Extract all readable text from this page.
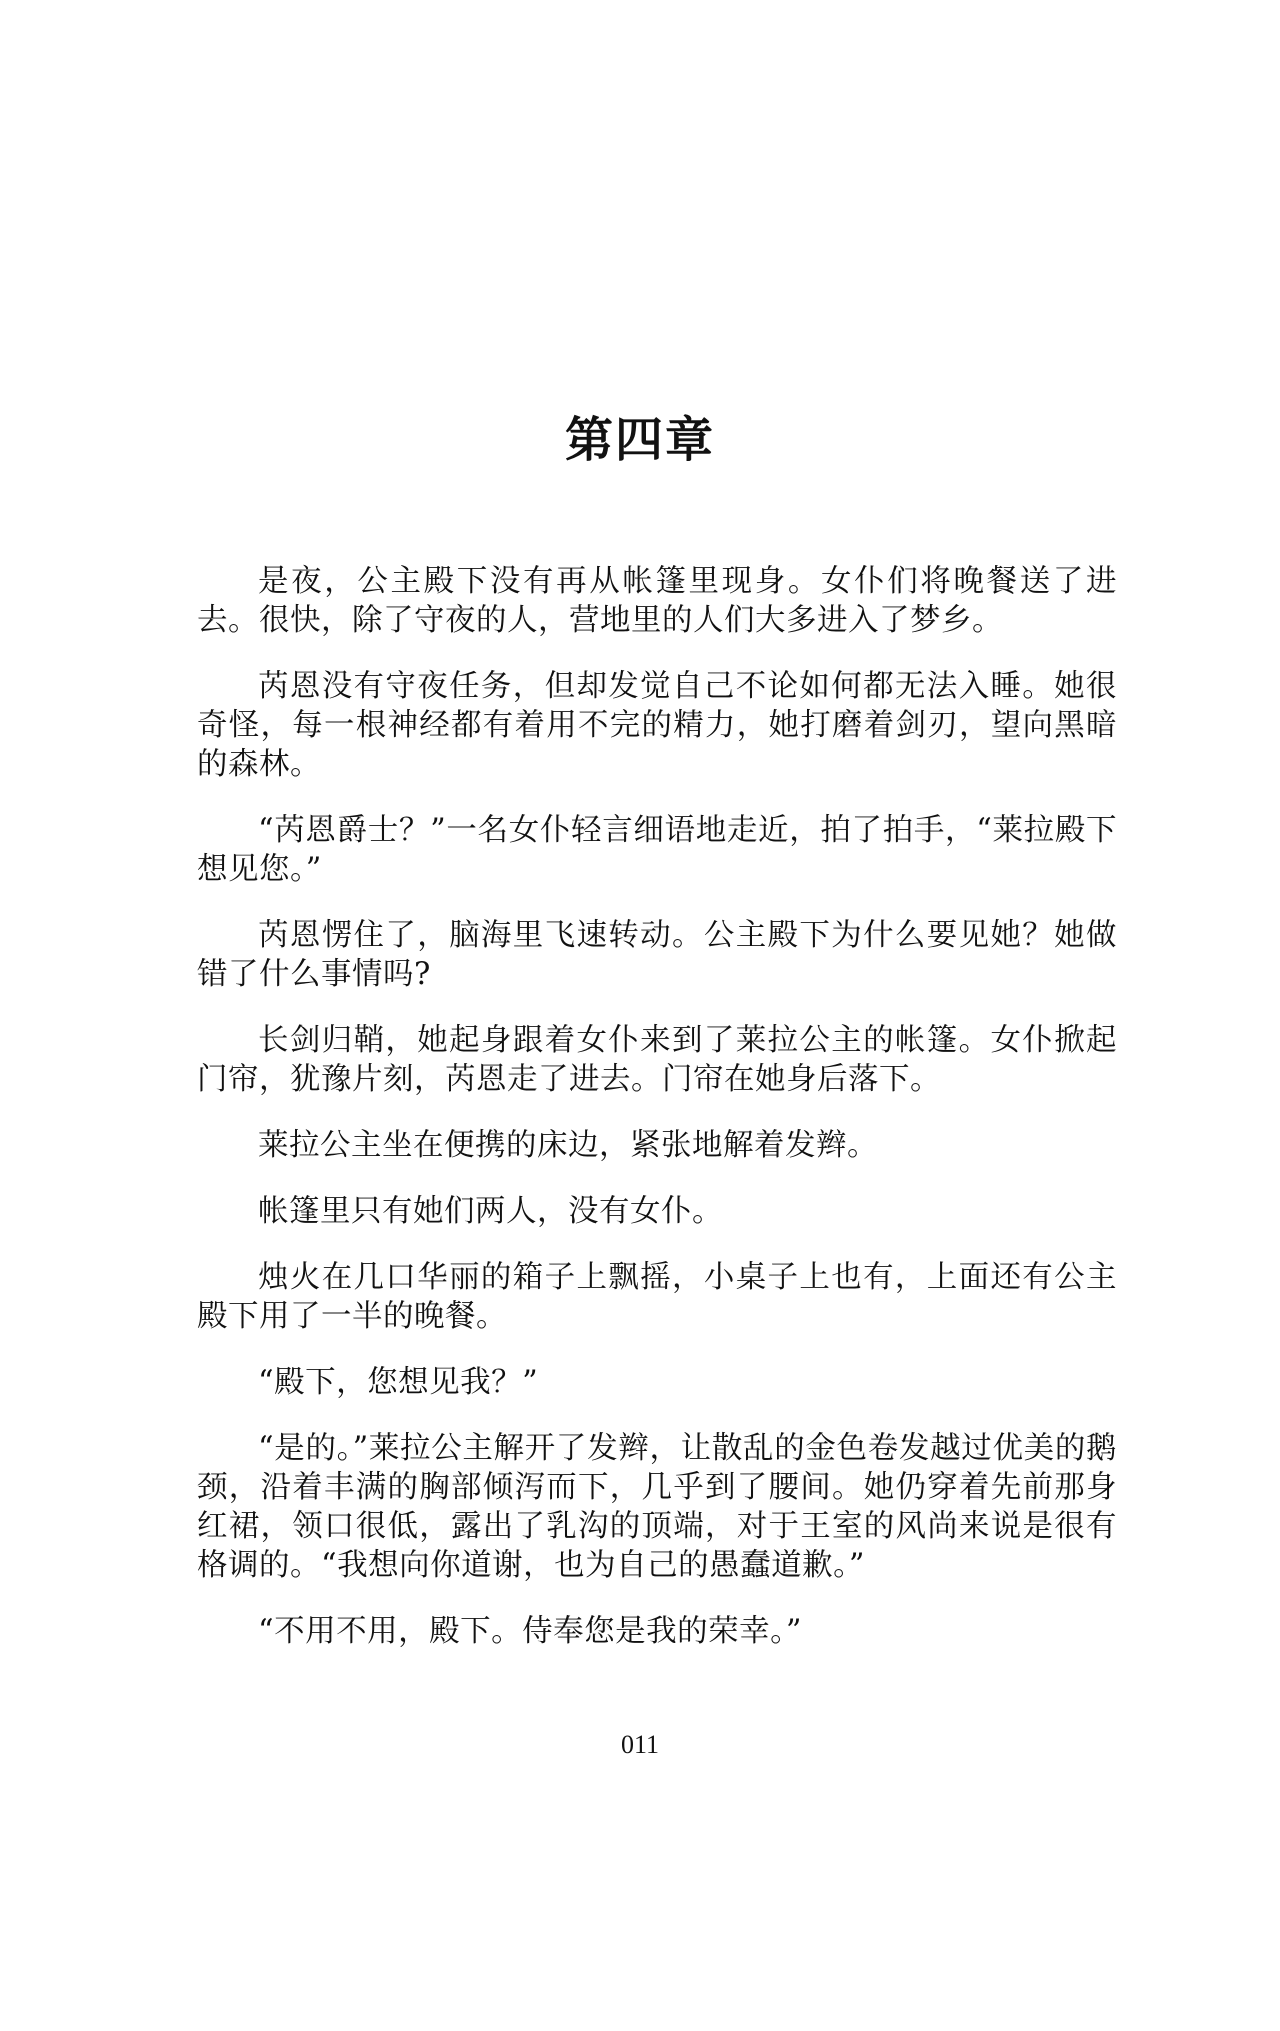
第四章

是夜，公主殿下没有再从帐篷里现身。女仆们将晚餐送了进去。很快，除了守夜的人，营地里的人们大多进入了梦乡。

芮恩没有守夜任务，但却发觉自己不论如何都无法入睡。她很奇怪，每一根神经都有着用不完的精力，她打磨着剑刃，望向黑暗的森林。

“芮恩爵士？”一名女仆轻言细语地走近，拍了拍手，“莱拉殿下想见您。”

芮恩愣住了，脑海里飞速转动。公主殿下为什么要见她？她做错了什么事情吗?

长剑归鞘，她起身跟着女仆来到了莱拉公主的帐篷。女仆掀起门帘，犹豫片刻，芮恩走了进去。门帘在她身后落下。

莱拉公主坐在便携的床边，紧张地解着发辫。

帐篷里只有她们两人，没有女仆。

烛火在几口华丽的箱子上飘摇，小桌子上也有，上面还有公主殿下用了一半的晚餐。

“殿下，您想见我？”

“是的。”莱拉公主解开了发辫，让散乱的金色卷发越过优美的鹅颈，沿着丰满的胸部倾泻而下，几乎到了腰间。她仍穿着先前那身红裙，领口很低，露出了乳沟的顶端，对于王室的风尚来说是很有格调的。“我想向你道谢，也为自己的愚蠢道歉。”

“不用不用，殿下。侍奉您是我的荣幸。”

011
